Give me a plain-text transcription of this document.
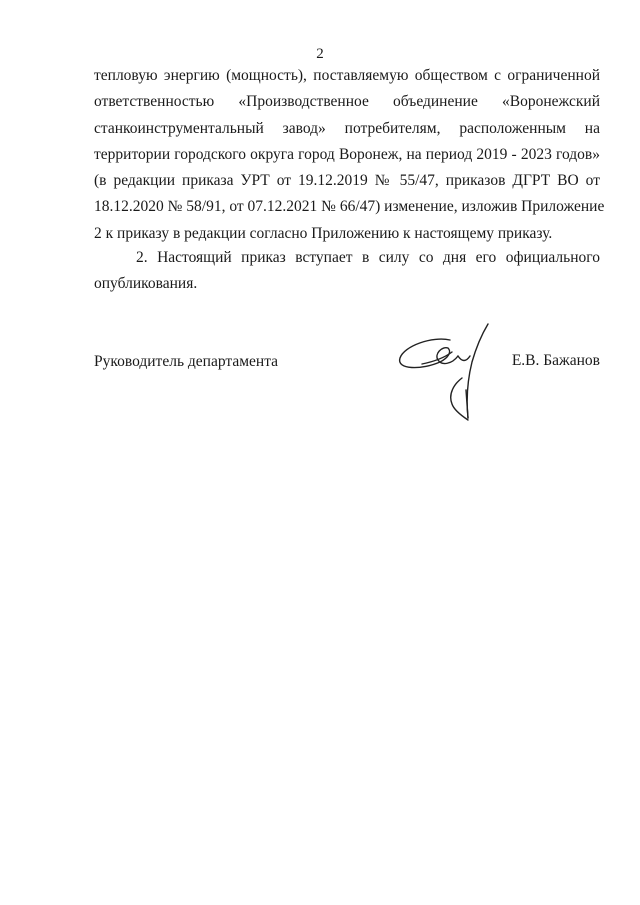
2
тепловую энергию (мощность), поставляемую обществом с ограниченной
ответственностью «Производственное объединение «Воронежский
станкоинструментальный завод» потребителям, расположенным на
территории городского округа город Воронеж, на период 2019 - 2023 годов»
(в редакции приказа УРТ от 19.12.2019 № 55/47, приказов ДГРТ ВО от
18.12.2020 № 58/91, от 07.12.2021 № 66/47) изменение, изложив Приложение
2 к приказу в редакции согласно Приложению к настоящему приказу.
2. Настоящий приказ вступает в силу со дня его официального
опубликования.
Руководитель департамента	Е.В. Бажанов
